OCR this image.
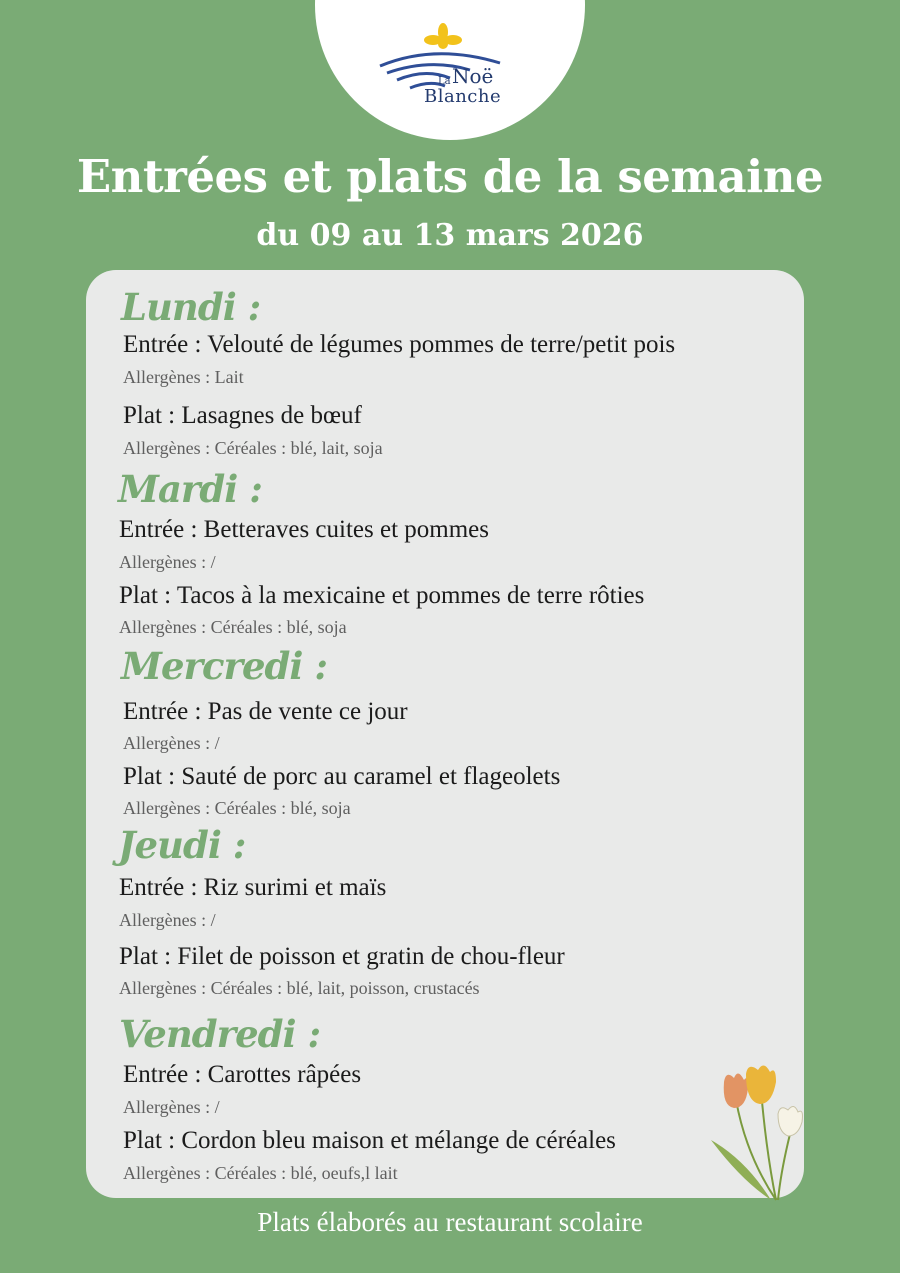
La Noë
Blanche
Entrées et plats de la semaine
du 09 au 13 mars 2026
Lundi :
Entrée : Velouté de légumes pommes de terre/petit pois
Allergènes : Lait
Plat : Lasagnes de bœuf
Allergènes : Céréales : blé, lait, soja
Mardi :
Entrée : Betteraves cuites et pommes
Allergènes : /
Plat : Tacos à la mexicaine et pommes de terre rôties
Allergènes : Céréales : blé, soja
Mercredi :
Entrée : Pas de vente ce jour
Allergènes : /
Plat : Sauté de porc au caramel et flageolets
Allergènes : Céréales : blé, soja
Jeudi :
Entrée : Riz surimi et maïs
Allergènes : /
Plat : Filet de poisson et gratin de chou-fleur
Allergènes : Céréales : blé, lait, poisson, crustacés
Vendredi :
Entrée : Carottes râpées
Allergènes : /
Plat : Cordon bleu maison et mélange de céréales
Allergènes : Céréales : blé, oeufs,l lait
Plats élaborés au restaurant scolaire
